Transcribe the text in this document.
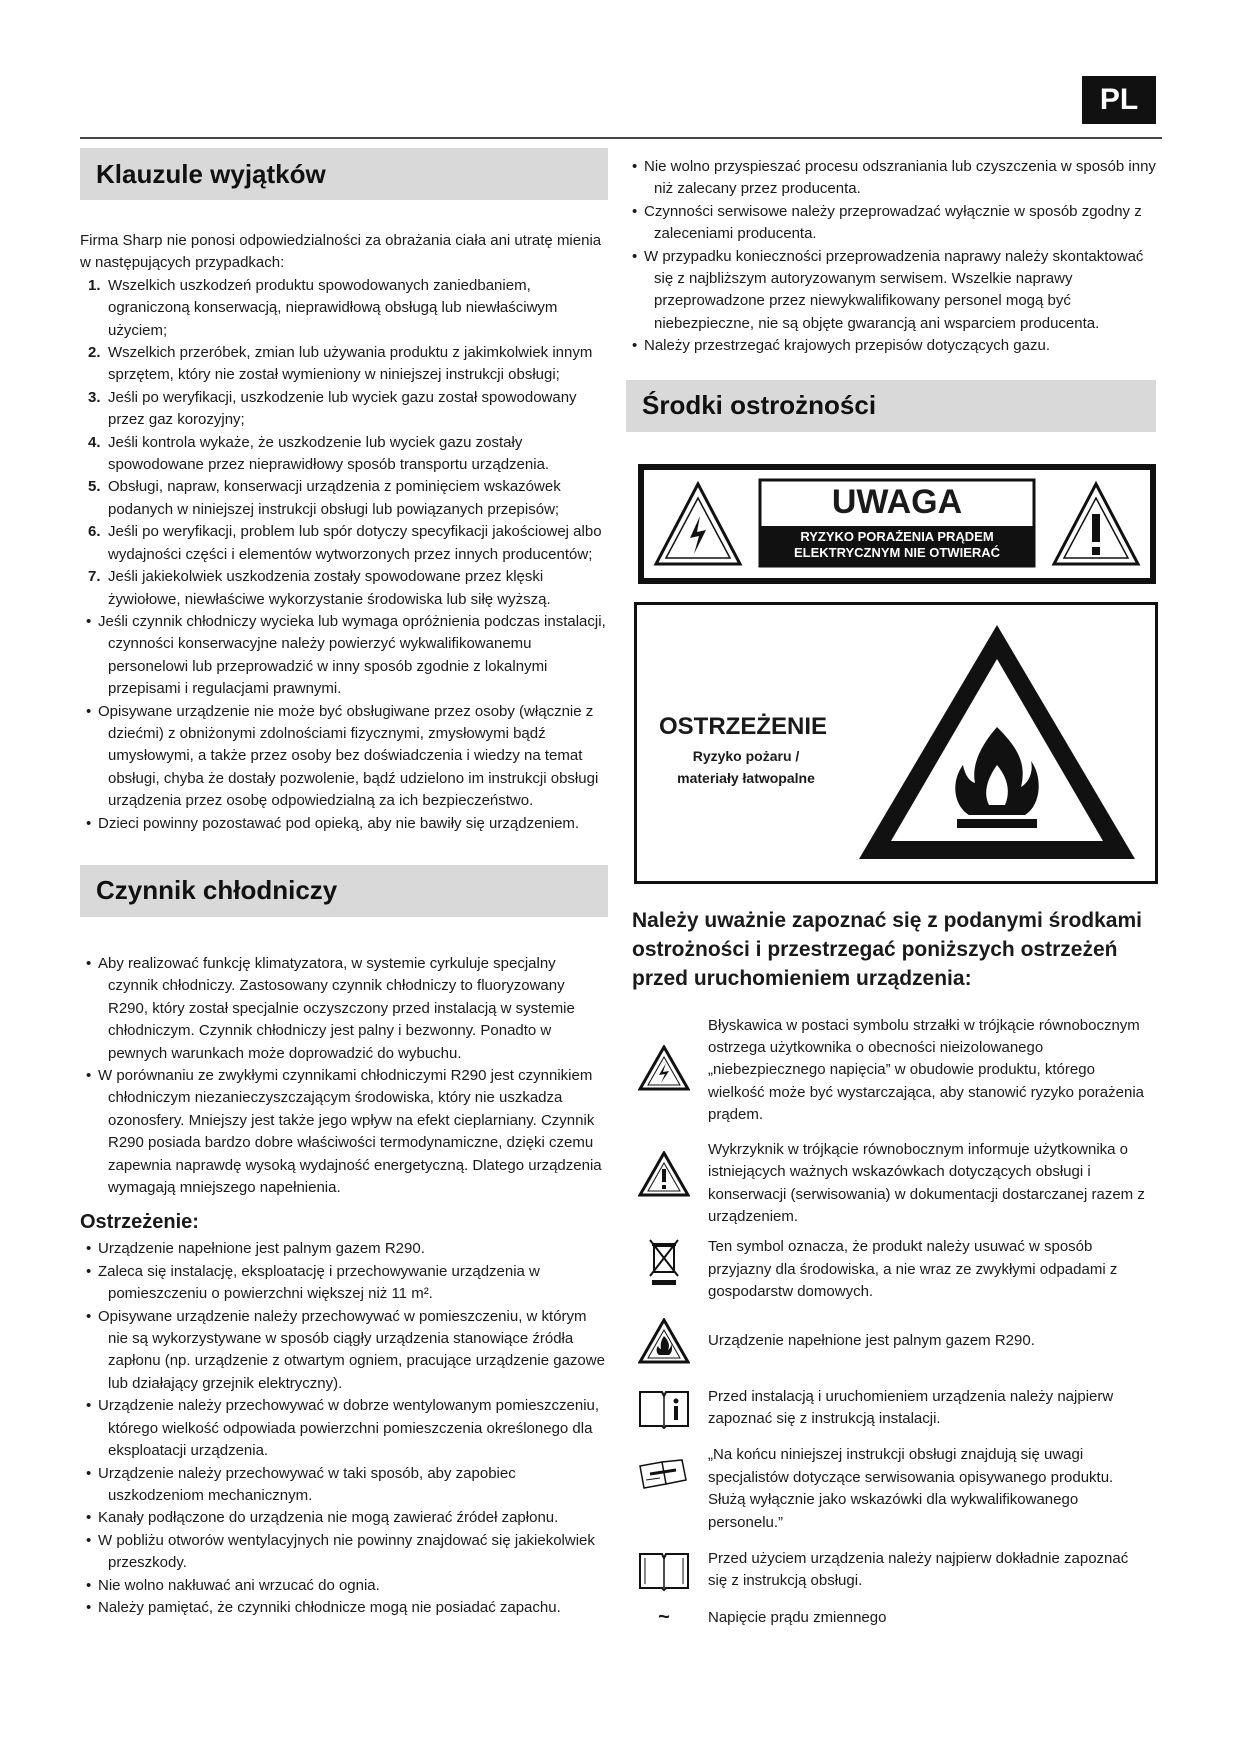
PL
Klauzule wyjątków

Firma Sharp nie ponosi odpowiedzialności za obrażania ciała ani utratę mienia w następujących przypadkach:

1. Wszelkich uszkodzeń produktu spowodowanych zaniedbaniem, ograniczoną konserwacją, nieprawidłową obsługą lub niewłaściwym użyciem;
2. Wszelkich przeróbek, zmian lub używania produktu z jakimkolwiek innym sprzętem, który nie został wymieniony w niniejszej instrukcji obsługi;
3. Jeśli po weryfikacji, uszkodzenie lub wyciek gazu został spowodowany przez gaz korozyjny;
4. Jeśli kontrola wykaże, że uszkodzenie lub wyciek gazu zostały spowodowane przez nieprawidłowy sposób transportu urządzenia.
5. Obsługi, napraw, konserwacji urządzenia z pominięciem wskazówek podanych w niniejszej instrukcji obsługi lub powiązanych przepisów;
6. Jeśli po weryfikacji, problem lub spór dotyczy specyfikacji jakościowej albo wydajności części i elementów wytworzonych przez innych producentów;
7. Jeśli jakiekolwiek uszkodzenia zostały spowodowane przez klęski żywiołowe, niewłaściwe wykorzystanie środowiska lub siłę wyższą.
• Jeśli czynnik chłodniczy wycieka lub wymaga opróżnienia podczas instalacji, czynności konserwacyjne należy powierzyć wykwalifikowanemu personelowi lub przeprowadzić w inny sposób zgodnie z lokalnymi przepisami i regulacjami prawnymi.
• Opisywane urządzenie nie może być obsługiwane przez osoby (włącznie z dziećmi) z obniżonymi zdolnościami fizycznymi, zmysłowymi bądź umysłowymi, a także przez osoby bez doświadczenia i wiedzy na temat obsługi, chyba że dostały pozwolenie, bądź udzielono im instrukcji obsługi urządzenia przez osobę odpowiedzialną za ich bezpieczeństwo.
• Dzieci powinny pozostawać pod opieką, aby nie bawiły się urządzeniem.
Czynnik chłodniczy
• Aby realizować funkcję klimatyzatora, w systemie cyrkuluje specjalny czynnik chłodniczy. Zastosowany czynnik chłodniczy to fluoryzowany R290, który został specjalnie oczyszczony przed instalacją w systemie chłodniczym. Czynnik chłodniczy jest palny i bezwonny. Ponadto w pewnych warunkach może doprowadzić do wybuchu.
• W porównaniu ze zwykłymi czynnikami chłodniczymi R290 jest czynnikiem chłodniczym niezanieczyszczającym środowiska, który nie uszkadza ozonosfery. Mniejszy jest także jego wpływ na efekt cieplarniany. Czynnik R290 posiada bardzo dobre właściwości termodynamiczne, dzięki czemu zapewnia naprawdę wysoką wydajność energetyczną. Dlatego urządzenia wymagają mniejszego napełnienia.
Ostrzeżenie:
• Urządzenie napełnione jest palnym gazem R290.
• Zaleca się instalację, eksploatację i przechowywanie urządzenia w pomieszczeniu o powierzchni większej niż 11 m².
• Opisywane urządzenie należy przechowywać w pomieszczeniu, w którym nie są wykorzystywane w sposób ciągły urządzenia stanowiące źródła zapłonu (np. urządzenie z otwartym ogniem, pracujące urządzenie gazowe lub działający grzejnik elektryczny).
• Urządzenie należy przechowywać w dobrze wentylowanym pomieszczeniu, którego wielkość odpowiada powierzchni pomieszczenia określonego dla eksploatacji urządzenia.
• Urządzenie należy przechowywać w taki sposób, aby zapobiec uszkodzeniom mechanicznym.
• Kanały podłączone do urządzenia nie mogą zawierać źródeł zapłonu.
• W pobliżu otworów wentylacyjnych nie powinny znajdować się jakiekolwiek przeszkody.
• Nie wolno nakłuwać ani wrzucać do ognia.
• Należy pamiętać, że czynniki chłodnicze mogą nie posiadać zapachu.
• Nie wolno przyspieszać procesu odszraniania lub czyszczenia w sposób inny niż zalecany przez producenta.
• Czynności serwisowe należy przeprowadzać wyłącznie w sposób zgodny z zaleceniami producenta.
• W przypadku konieczności przeprowadzenia naprawy należy skontaktować się z najbliższym autoryzowanym serwisem. Wszelkie naprawy przeprowadzone przez niewykwalifikowany personel mogą być niebezpieczne, nie są objęte gwarancją ani wsparciem producenta.
• Należy przestrzegać krajowych przepisów dotyczących gazu.
Środki ostrożności
UWAGA
RYZYKO PORAŻENIA PRĄDEM
ELEKTRYCZNYM NIE OTWIERAĆ
OSTRZEŻENIE
Ryzyko pożaru /
materiały łatwopalne
Należy uważnie zapoznać się z podanymi środkami ostrożności i przestrzegać poniższych ostrzeżeń przed uruchomieniem urządzenia:
Błyskawica w postaci symbolu strzałki w trójkącie równobocznym ostrzega użytkownika o obecności nieizolowanego „niebezpiecznego napięcia” w obudowie produktu, którego wielkość może być wystarczająca, aby stanowić ryzyko porażenia prądem.
Wykrzyknik w trójkącie równobocznym informuje użytkownika o istniejących ważnych wskazówkach dotyczących obsługi i konserwacji (serwisowania) w dokumentacji dostarczanej razem z urządzeniem.
Ten symbol oznacza, że produkt należy usuwać w sposób przyjazny dla środowiska, a nie wraz ze zwykłymi odpadami z gospodarstw domowych.
Urządzenie napełnione jest palnym gazem R290.
Przed instalacją i uruchomieniem urządzenia należy najpierw zapoznać się z instrukcją instalacji.
„Na końcu niniejszej instrukcji obsługi znajdują się uwagi specjalistów dotyczące serwisowania opisywanego produktu. Służą wyłącznie jako wskazówki dla wykwalifikowanego personelu.”
Przed użyciem urządzenia należy najpierw dokładnie zapoznać się z instrukcją obsługi.
~	Napięcie prądu zmiennego
